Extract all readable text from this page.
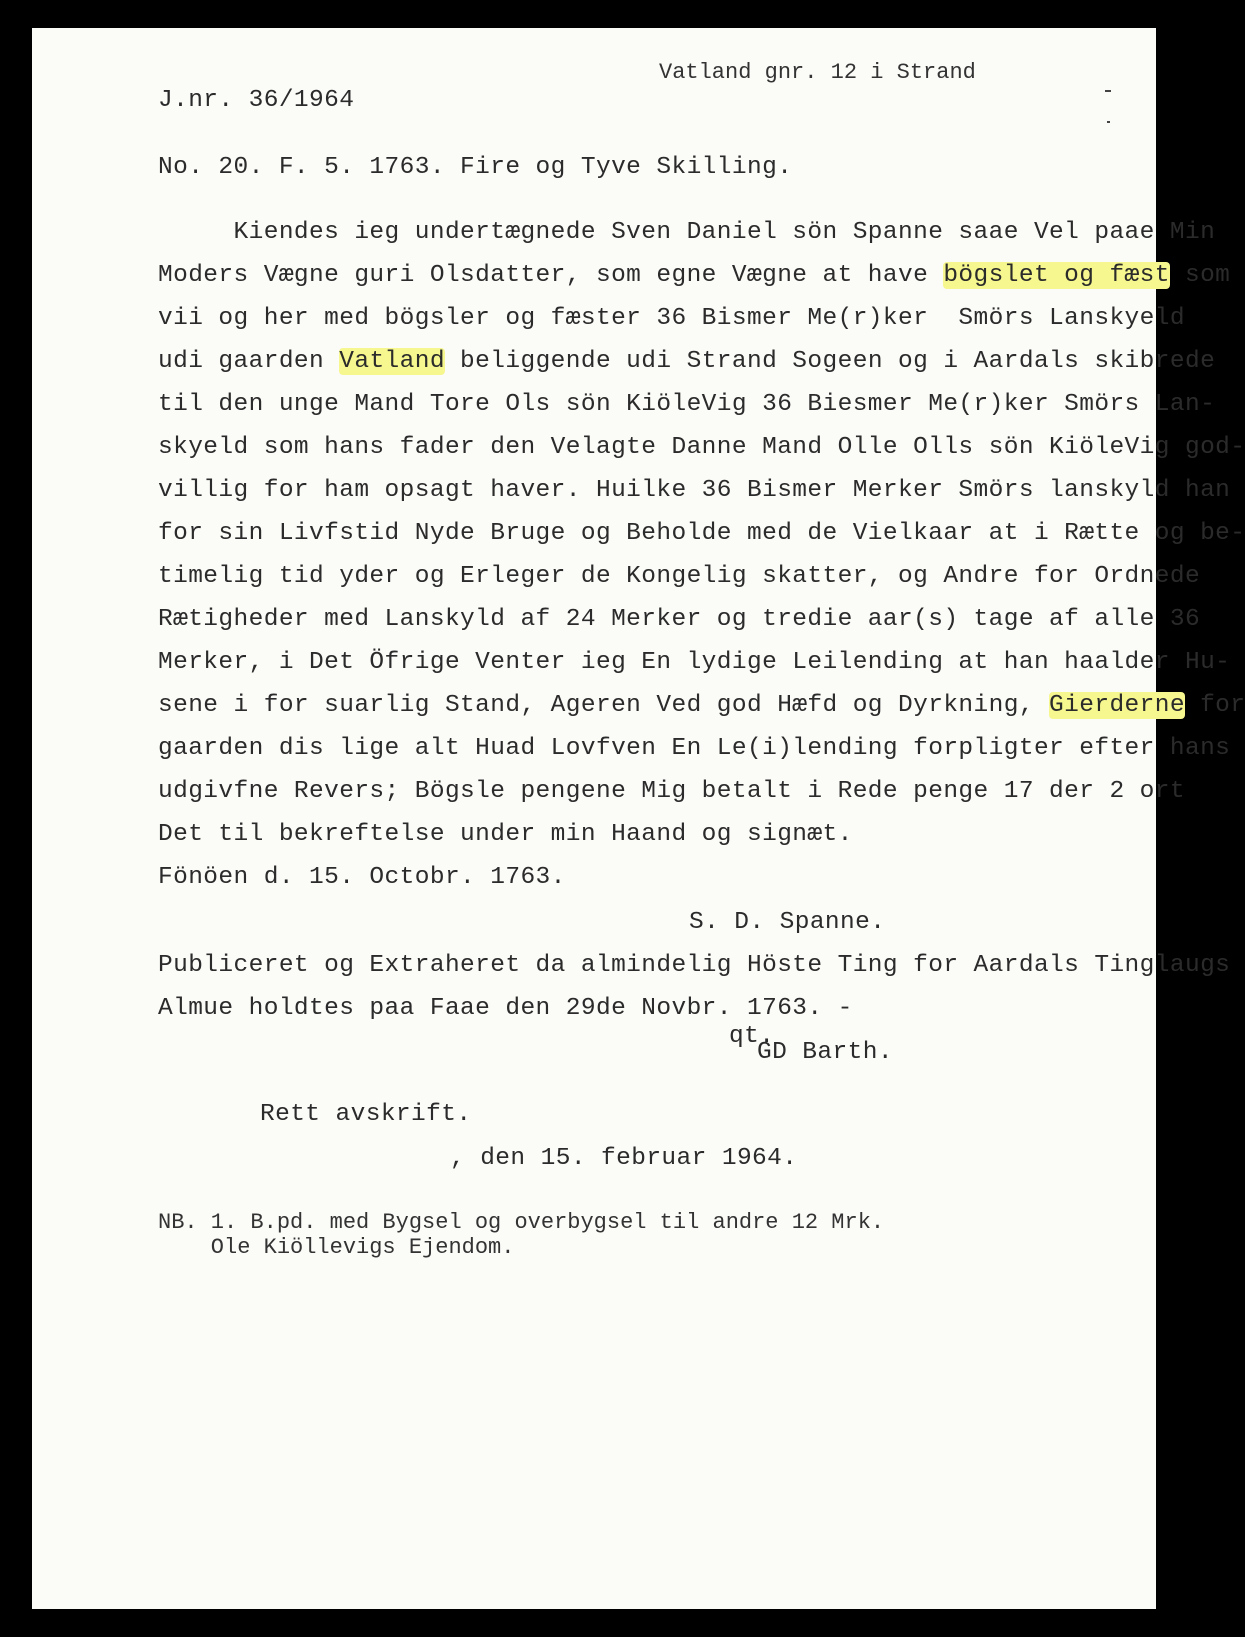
Vatland gnr. 12 i Strand
J.nr. 36/1964
No. 20. F. 5. 1763. Fire og Tyve Skilling.
Kiendes ieg undertægnede Sven Daniel sön Spanne saae Vel paae Min
Moders Vægne guri Olsdatter, som egne Vægne at have bögslet og fæst som
vii og her med bögsler og fæster 36 Bismer Me(r)ker  Smörs Lanskyeld
udi gaarden Vatland beliggende udi Strand Sogeen og i Aardals skibrede
til den unge Mand Tore Ols sön KiöleVig 36 Biesmer Me(r)ker Smörs Lan-
skyeld som hans fader den Velagte Danne Mand Olle Olls sön KiöleVig god-
villig for ham opsagt haver. Huilke 36 Bismer Merker Smörs lanskyld han
for sin Livfstid Nyde Bruge og Beholde med de Vielkaar at i Rætte og be-
timelig tid yder og Erleger de Kongelig skatter, og Andre for Ordnede
Rætigheder med Lanskyld af 24 Merker og tredie aar(s) tage af alle 36
Merker, i Det Öfrige Venter ieg En lydige Leilending at han haalder Hu-
sene i for suarlig Stand, Ageren Ved god Hæfd og Dyrkning, Gierderne for
gaarden dis lige alt Huad Lovfven En Le(i)lending forpligter efter hans
udgivfne Revers; Bögsle pengene Mig betalt i Rede penge 17 der 2 ort
Det til bekreftelse under min Haand og signæt.
Fönöen d. 15. Octobr. 1763.
S. D. Spanne.
Publiceret og Extraheret da almindelig Höste Ting for Aardals Tinglaugs
Almue holdtes paa Faae den 29de Novbr. 1763. -
qt.
GD Barth.
Rett avskrift.
, den 15. februar 1964.
NB. 1. B.pd. med Bygsel og overbygsel til andre 12 Mrk.
Ole Kiöllevigs Ejendom.
